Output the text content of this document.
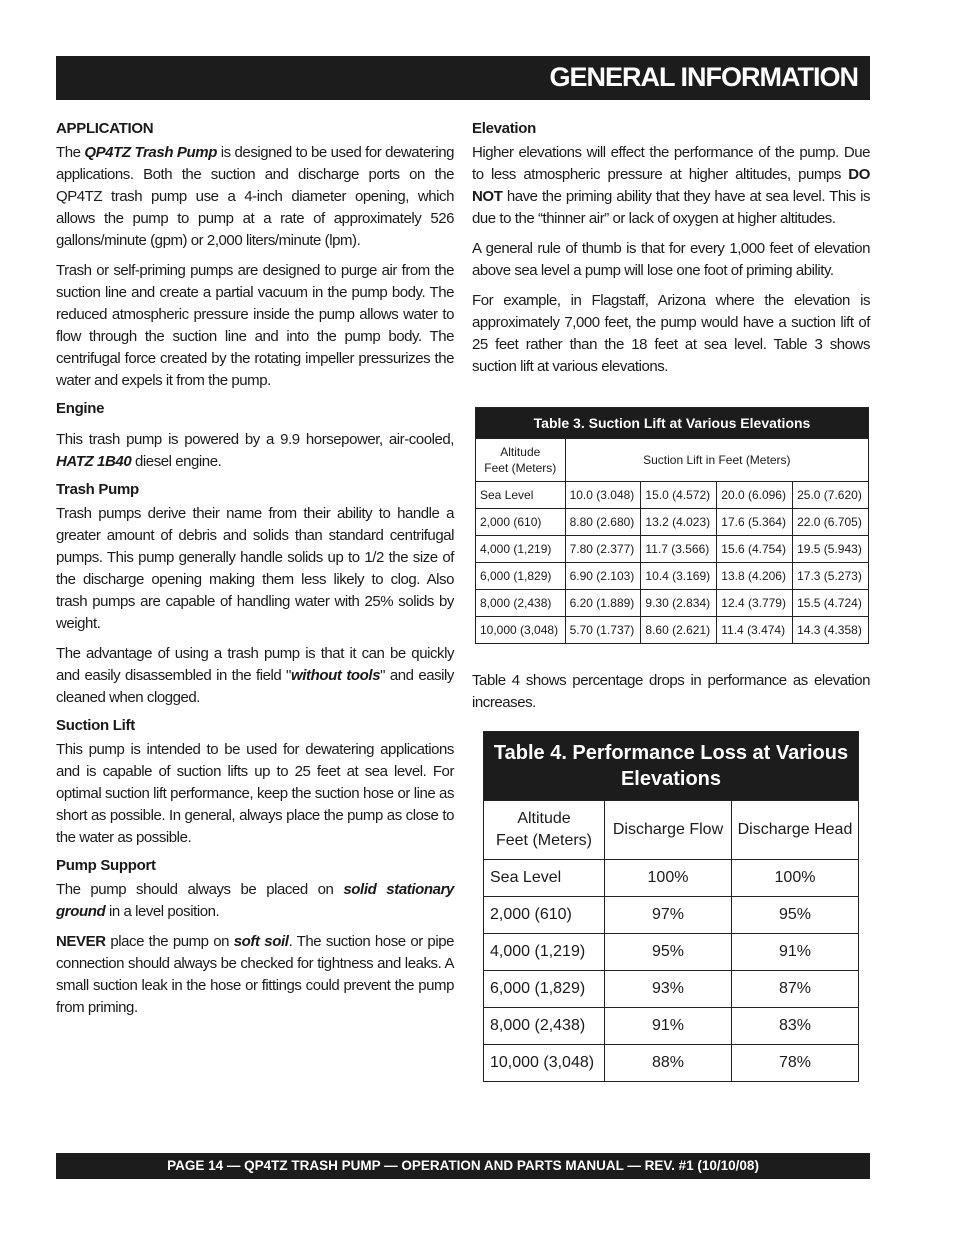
GENERAL INFORMATION
APPLICATION

The QP4TZ Trash Pump is designed to be used for dewatering applications. Both the suction and discharge ports on the QP4TZ trash pump use a 4-inch diameter opening, which allows the pump to pump at a rate of approximately 526 gallons/minute (gpm) or 2,000 liters/minute (lpm).

Trash or self-priming pumps are designed to purge air from the suction line and create a partial vacuum in the pump body. The reduced atmospheric pressure inside the pump allows water to flow through the suction line and into the pump body. The centrifugal force created by the rotating impeller pressurizes the water and expels it from the pump.

Engine

This trash pump is powered by a 9.9 horsepower, air-cooled, HATZ 1B40 diesel engine.

Trash Pump

Trash pumps derive their name from their ability to handle a greater amount of debris and solids than standard centrifugal pumps. This pump generally handle solids up to 1/2 the size of the discharge opening making them less likely to clog. Also trash pumps are capable of handling water with 25% solids by weight.

The advantage of using a trash pump is that it can be quickly and easily disassembled in the field "without tools" and easily cleaned when clogged.

Suction Lift

This pump is intended to be used for dewatering applications and is capable of suction lifts up to 25 feet at sea level. For optimal suction lift performance, keep the suction hose or line as short as possible. In general, always place the pump as close to the water as possible.

Pump Support

The pump should always be placed on solid stationary ground in a level position.

NEVER place the pump on soft soil. The suction hose or pipe connection should always be checked for tightness and leaks. A small suction leak in the hose or fittings could prevent the pump from priming.

Elevation

Higher elevations will effect the performance of the pump. Due to less atmospheric pressure at higher altitudes, pumps DO NOT have the priming ability that they have at sea level. This is due to the “thinner air” or lack of oxygen at higher altitudes.

A general rule of thumb is that for every 1,000 feet of elevation above sea level a pump will lose one foot of priming ability.

For example, in Flagstaff, Arizona where the elevation is approximately 7,000 feet, the pump would have a suction lift of 25 feet rather than the 18 feet at sea level. Table 3 shows suction lift at various elevations.

Table 3. Suction Lift at Various Elevations				
Altitude
Feet (Meters)	Suction Lift in Feet (Meters)			
Sea Level	10.0 (3.048)	15.0 (4.572)	20.0 (6.096)	25.0 (7.620)
2,000 (610)	8.80 (2.680)	13.2 (4.023)	17.6 (5.364)	22.0 (6.705)
4,000 (1,219)	7.80 (2.377)	11.7 (3.566)	15.6 (4.754)	19.5 (5.943)
6,000 (1,829)	6.90 (2.103)	10.4 (3.169)	13.8 (4.206)	17.3 (5.273)
8,000 (2,438)	6.20 (1.889)	9.30 (2.834)	12.4 (3.779)	15.5 (4.724)
10,000 (3,048)	5.70 (1.737)	8.60 (2.621)	11.4 (3.474)	14.3 (4.358)

Table 4 shows percentage drops in performance as elevation increases.

Table 4. Performance Loss at Various
Elevations		
Altitude
Feet (Meters)	Discharge Flow	Discharge Head
Sea Level	100%	100%
2,000 (610)	97%	95%
4,000 (1,219)	95%	91%
6,000 (1,829)	93%	87%
8,000 (2,438)	91%	83%
10,000 (3,048)	88%	78%
PAGE 14 — QP4TZ TRASH PUMP — OPERATION AND PARTS MANUAL — REV. #1 (10/10/08)
